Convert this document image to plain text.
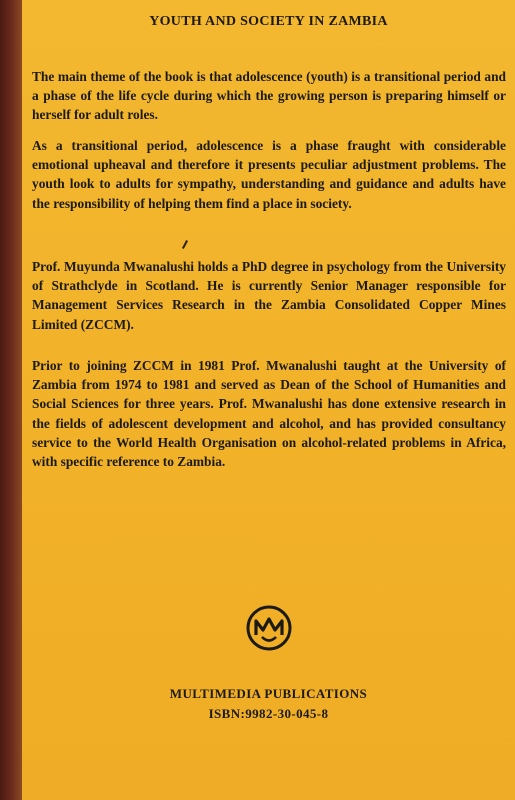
YOUTH AND SOCIETY IN ZAMBIA

The main theme of the book is that adolescence (youth) is a transitional period and a phase of the life cycle during which the growing person is preparing himself or herself for adult roles.

As a transitional period, adolescence is a phase fraught with considerable emotional upheaval and therefore it presents peculiar adjustment problems. The youth look to adults for sympathy, understanding and guidance and adults have the responsibility of helping them find a place in society.

Prof. Muyunda Mwanalushi holds a PhD degree in psychology from the University of Strathclyde in Scotland. He is currently Senior Manager responsible for Management Services Research in the Zambia Consolidated Copper Mines Limited (ZCCM).

Prior to joining ZCCM in 1981 Prof. Mwanalushi taught at the University of Zambia from 1974 to 1981 and served as Dean of the School of Humanities and Social Sciences for three years. Prof. Mwanalushi has done extensive research in the fields of adolescent development and alcohol, and has provided consultancy service to the World Health Organisation on alcohol-related problems in Africa, with specific reference to Zambia.

MULTIMEDIA PUBLICATIONS
ISBN:9982-30-045-8
